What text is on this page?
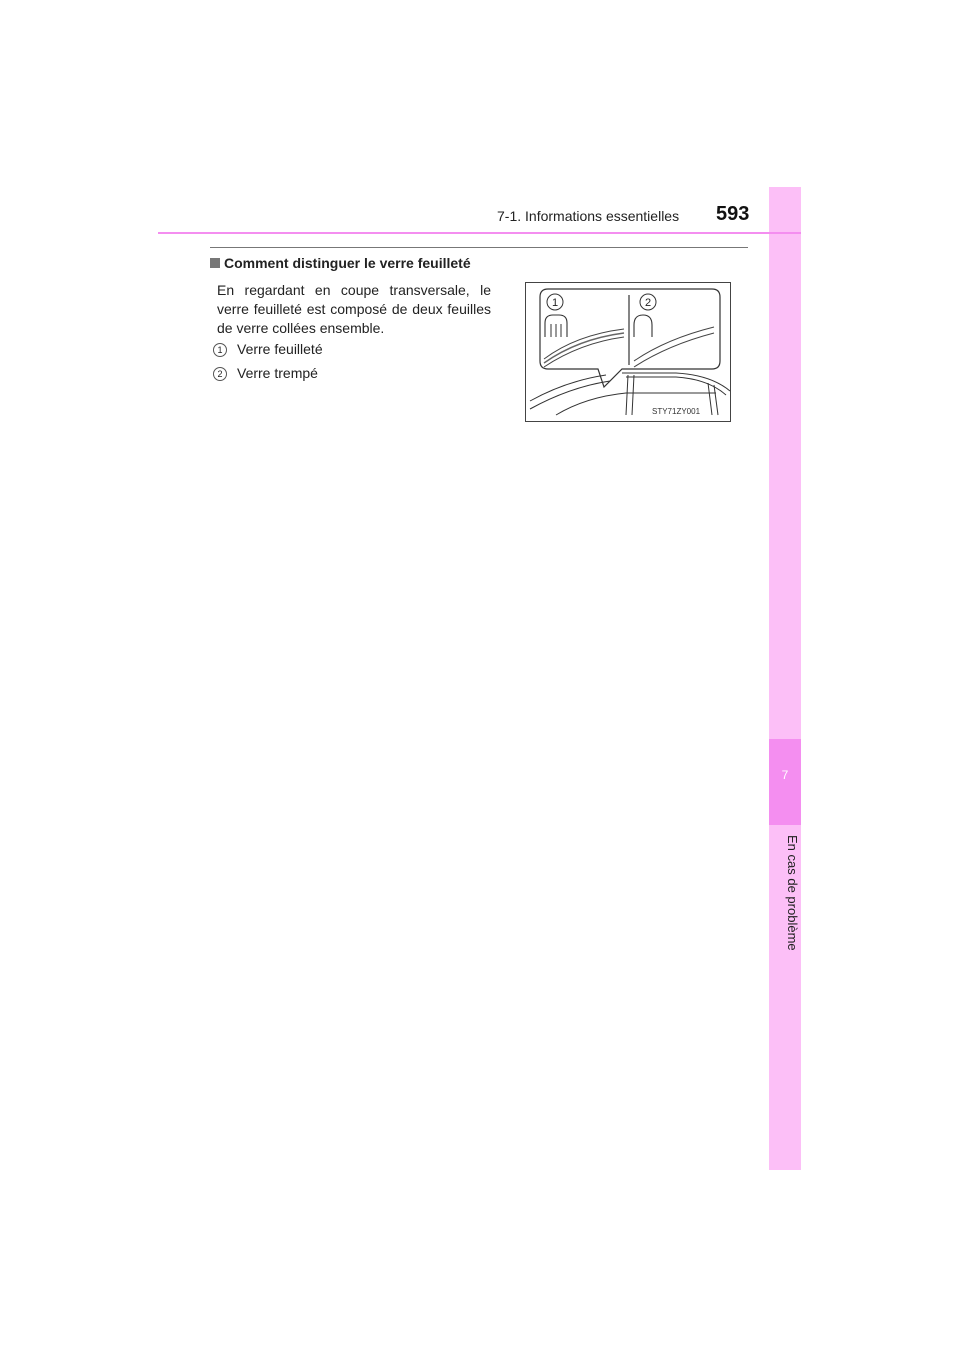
7
En cas de problème
7-1. Informations essentielles 593
Comment distinguer le verre feuilleté
En regardant en coupe transversale, le verre feuilleté est composé de deux feuilles de verre collées ensemble.
1 Verre feuilleté
2 Verre trempé
1	2
STY71ZY001
